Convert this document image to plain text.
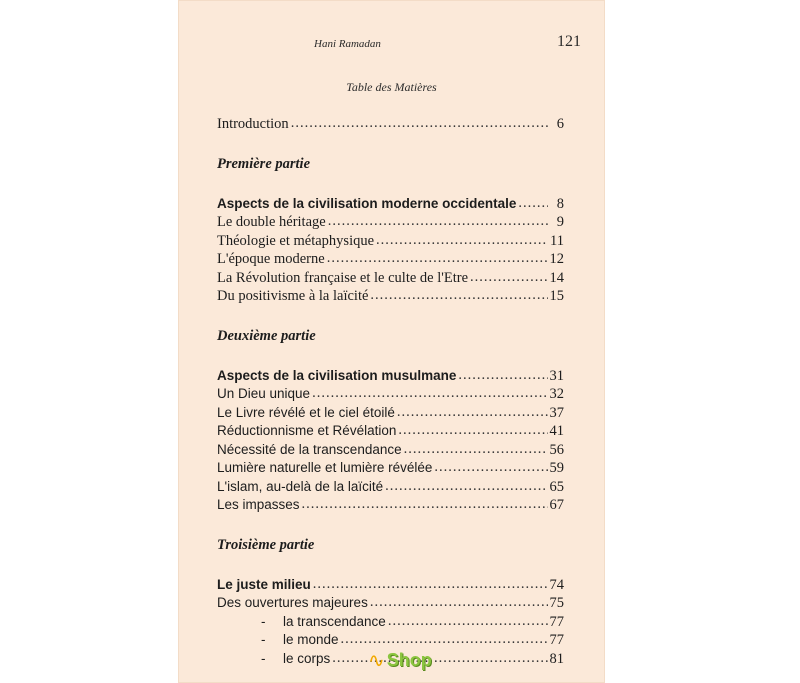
Hani Ramadan	121
Table des Matières
Introduction .....	6
Première partie
Aspects de la civilisation moderne occidentale .....	8
Le double héritage .....	9
Théologie et métaphysique .....	11
L'époque moderne .....	12
La Révolution française et le culte de l'Etre .....	14
Du positivisme à la laïcité .....	15
Deuxième partie
Aspects de la civilisation musulmane .....	31
Un Dieu unique .....	32
Le Livre révélé et le ciel étoilé .....	37
Réductionnisme et Révélation .....	41
Nécessité de la transcendance .....	56
Lumière naturelle et lumière révélée .....	59
L'islam, au-delà de la laïcité .....	65
Les impasses .....	67
Troisième partie
Le juste milieu .....	74
Des ouvertures majeures .....	75
- la transcendance .....	77
- le monde .....	77
- le corps .....	81
∿ Shop
